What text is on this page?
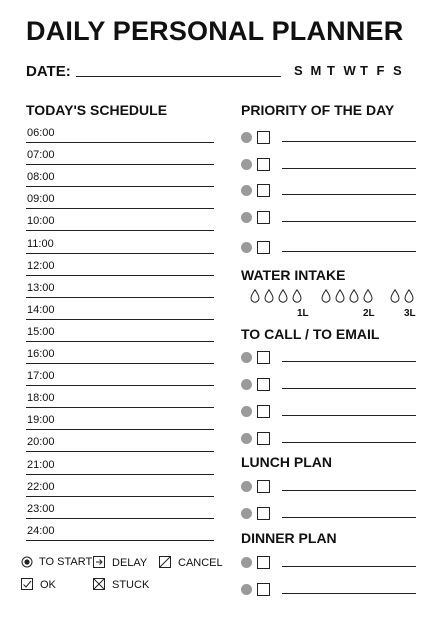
DAILY PERSONAL PLANNER
DATE:	S M T W T F S
TODAY'S SCHEDULE
06:00
07:00
08:00
09:00
10:00
11:00
12:00
13:00
14:00
15:00
16:00
17:00
18:00
19:00
20:00
21:00
22:00
23:00
24:00
PRIORITY OF THE DAY
WATER INTAKE
1L	2L	3L
TO CALL / TO EMAIL
LUNCH PLAN
DINNER PLAN
TO START DELAY	CANCEL
OK	STUCK
